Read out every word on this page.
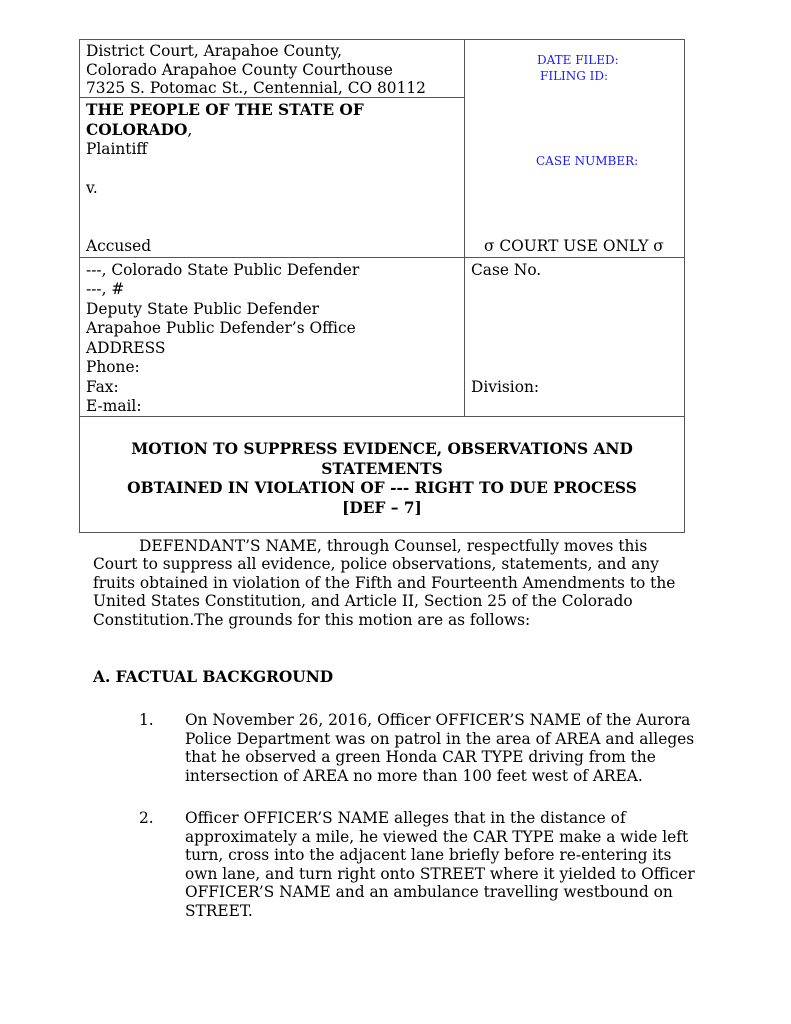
District Court, Arapahoe County,
Colorado Arapahoe County Courthouse
7325 S. Potomac St., Centennial, CO 80112
DATE FILED:
FILING ID:
CASE NUMBER:
THE PEOPLE OF THE STATE OF
COLORADO,
Plaintiff
v.
Accused	σ COURT USE ONLY σ
---, Colorado State Public Defender
---, #
Deputy State Public Defender
Arapahoe Public Defender’s Office
ADDRESS
Phone:
Fax:
E-mail:
Case No.
Division:
MOTION TO SUPPRESS EVIDENCE, OBSERVATIONS AND
STATEMENTS
OBTAINED IN VIOLATION OF --- RIGHT TO DUE PROCESS
[DEF – 7]
DEFENDANT’S NAME, through Counsel, respectfully moves this
Court to suppress all evidence, police observations, statements, and any
fruits obtained in violation of the Fifth and Fourteenth Amendments to the
United States Constitution, and Article II, Section 25 of the Colorado
Constitution.The grounds for this motion are as follows:
A. FACTUAL BACKGROUND
1. On November 26, 2016, Officer OFFICER’S NAME of the Aurora
Police Department was on patrol in the area of AREA and alleges
that he observed a green Honda CAR TYPE driving from the
intersection of AREA no more than 100 feet west of AREA.
2. Officer OFFICER’S NAME alleges that in the distance of
approximately a mile, he viewed the CAR TYPE make a wide left
turn, cross into the adjacent lane briefly before re-entering its
own lane, and turn right onto STREET where it yielded to Officer
OFFICER’S NAME and an ambulance travelling westbound on
STREET.
